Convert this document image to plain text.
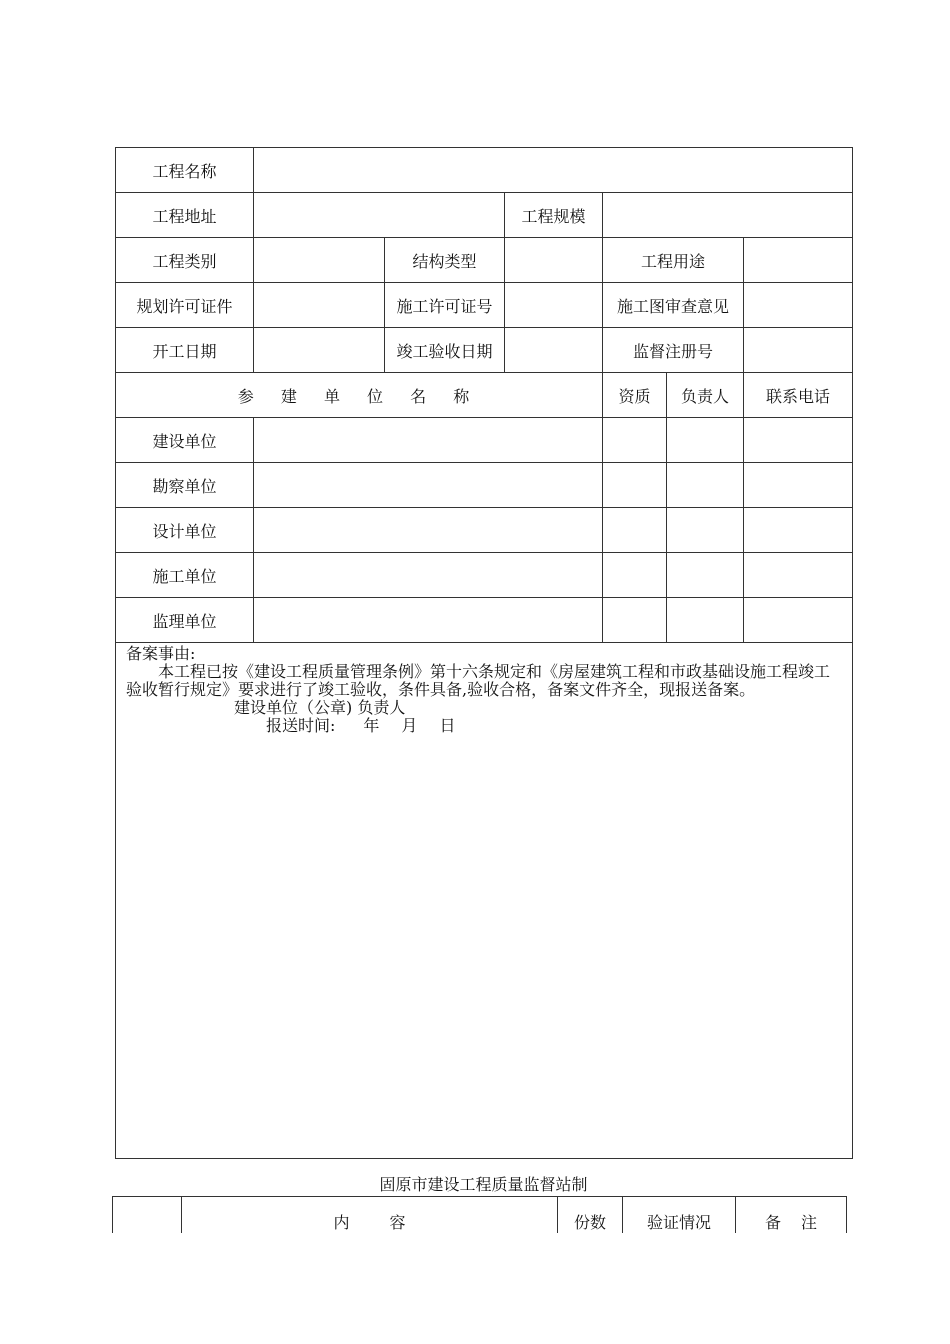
工程名称						
工程地址			工程规模			
工程类别		结构类型		工程用途		
规划许可证件		施工许可证号		施工图审查意见		
开工日期		竣工验收日期		监督注册号		
参 建 单 位 名 称				资质	负责人	联系电话
建设单位						
勘察单位						
设计单位						
施工单位						
监理单位						

备案事由:

本工程已按《建设工程质量管理条例》第十六条规定和《房屋建筑工程和市政基础设施工程竣工验收暂行规定》要求进行了竣工验收，条件具备,验收合格，备案文件齐全，现报送备案。

建设单位（公章) 负责人

报送时间: 年 月 日						

固原市建设工程质量监督站制
	内容	份数	验证情况	备注
